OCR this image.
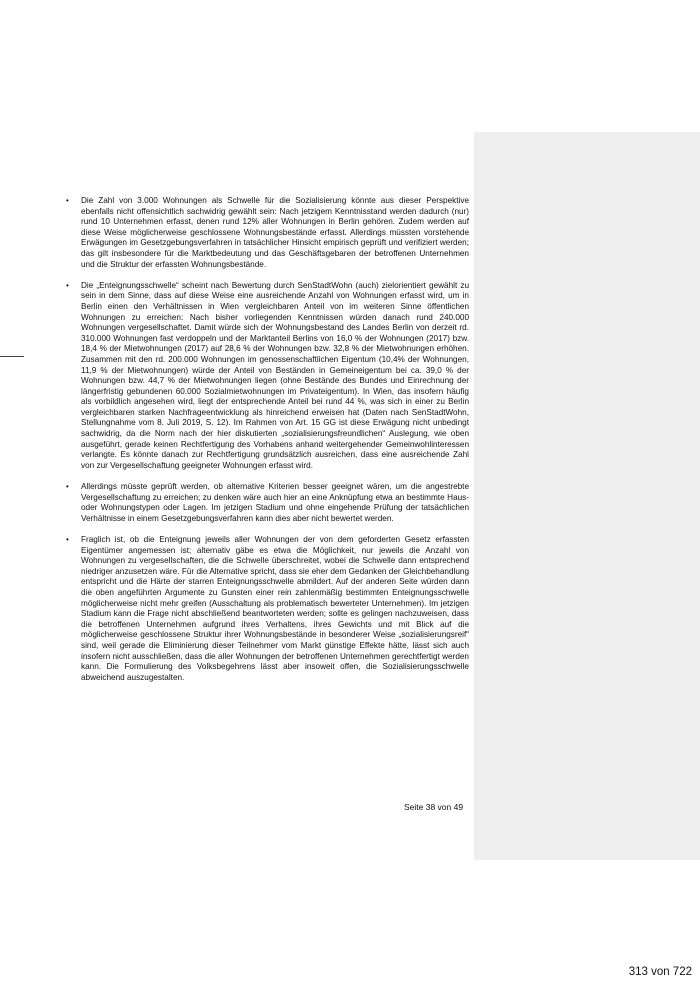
• Die Zahl von 3.000 Wohnungen als Schwelle für die Sozialisierung könnte aus dieser Perspektive ebenfalls nicht offensichtlich sachwidrig gewählt sein: Nach jetzigem Kenntnisstand werden dadurch (nur) rund 10 Unternehmen erfasst, denen rund 12% aller Wohnungen in Berlin gehören. Zudem werden auf diese Weise möglicherweise geschlossene Wohnungsbestände erfasst. Allerdings müssten vorstehende Erwägungen im Gesetzgebungsverfahren in tatsächlicher Hinsicht empirisch geprüft und verifiziert werden; das gilt insbesondere für die Marktbedeutung und das Geschäftsgebaren der betroffenen Unternehmen und die Struktur der erfassten Wohnungsbestände.
• Die „Enteignungsschwelle“ scheint nach Bewertung durch SenStadtWohn (auch) zielorientiert gewählt zu sein in dem Sinne, dass auf diese Weise eine ausreichende Anzahl von Wohnungen erfasst wird, um in Berlin einen den Verhältnissen in Wien vergleichbaren Anteil von im weiteren Sinne öffentlichen Wohnungen zu erreichen: Nach bisher vorliegenden Kenntnissen würden danach rund 240.000 Wohnungen vergesellschaftet. Damit würde sich der Wohnungsbestand des Landes Berlin von derzeit rd. 310.000 Wohnungen fast verdoppeln und der Marktanteil Berlins von 16,0 % der Wohnungen (2017) bzw. 18,4 % der Mietwohnungen (2017) auf 28,6 % der Wohnungen bzw. 32,8 % der Mietwohnungen erhöhen. Zusammen mit den rd. 200.000 Wohnungen im genossenschaftlichen Eigentum (10,4% der Wohnungen, 11,9 % der Mietwohnungen) würde der Anteil von Beständen in Gemeineigentum bei ca. 39,0 % der Wohnungen bzw. 44,7 % der Mietwohnungen liegen (ohne Bestände des Bundes und Einrechnung der längerfristig gebundenen 60.000 Sozialmietwohnungen im Privateigentum). In Wien, das insofern häufig als vorbildlich angesehen wird, liegt der entsprechende Anteil bei rund 44 %, was sich in einer zu Berlin vergleichbaren starken Nachfrageentwicklung als hinreichend erweisen hat (Daten nach SenStadtWohn, Stellungnahme vom 8. Juli 2019, S. 12). Im Rahmen von Art. 15 GG ist diese Erwägung nicht unbedingt sachwidrig, da die Norm nach der hier diskutierten „sozialisierungsfreundlichen“ Auslegung, wie oben ausgeführt, gerade keinen Rechtfertigung des Vorhabens anhand weitergehender Gemeinwohlinteressen verlangte. Es könnte danach zur Rechtfertigung grundsätzlich ausreichen, dass eine ausreichende Zahl von zur Vergesellschaftung geeigneter Wohnungen erfasst wird.
• Allerdings müsste geprüft werden, ob alternative Kriterien besser geeignet wären, um die angestrebte Vergesellschaftung zu erreichen; zu denken wäre auch hier an eine Anknüpfung etwa an bestimmte Haus- oder Wohnungstypen oder Lagen. Im jetzigen Stadium und ohne eingehende Prüfung der tatsächlichen Verhältnisse in einem Gesetzgebungsverfahren kann dies aber nicht bewertet werden.
• Fraglich ist, ob die Enteignung jeweils aller Wohnungen der von dem geforderten Gesetz erfassten Eigentümer angemessen ist; alternativ gäbe es etwa die Möglichkeit, nur jeweils die Anzahl von Wohnungen zu vergesellschaften, die die Schwelle überschreitet, wobei die Schwelle dann entsprechend niedriger anzusetzen wäre. Für die Alternative spricht, dass sie eher dem Gedanken der Gleichbehandlung entspricht und die Härte der starren Enteignungsschwelle abmildert. Auf der anderen Seite würden dann die oben angeführten Argumente zu Gunsten einer rein zahlenmäßig bestimmten Enteignungsschwelle möglicherweise nicht mehr greifen (Ausschaltung als problematisch bewerteter Unternehmen). Im jetzigen Stadium kann die Frage nicht abschließend beantworteten werden; sollte es gelingen nachzuweisen, dass die betroffenen Unternehmen aufgrund ihres Verhaltens, ihres Gewichts und mit Blick auf die möglicherweise geschlossene Struktur ihrer Wohnungsbestände in besonderer Weise „sozialisierungsreif“ sind, weil gerade die Eliminierung dieser Teilnehmer vom Markt günstige Effekte hätte, lässt sich auch insofern nicht ausschließen, dass die aller Wohnungen der betroffenen Unternehmen gerechtfertigt werden kann. Die Formulierung des Volksbegehrens lässt aber insoweit offen, die Sozialisierungsschwelle abweichend auszugestalten.
Seite 38 von 49
313 von 722
